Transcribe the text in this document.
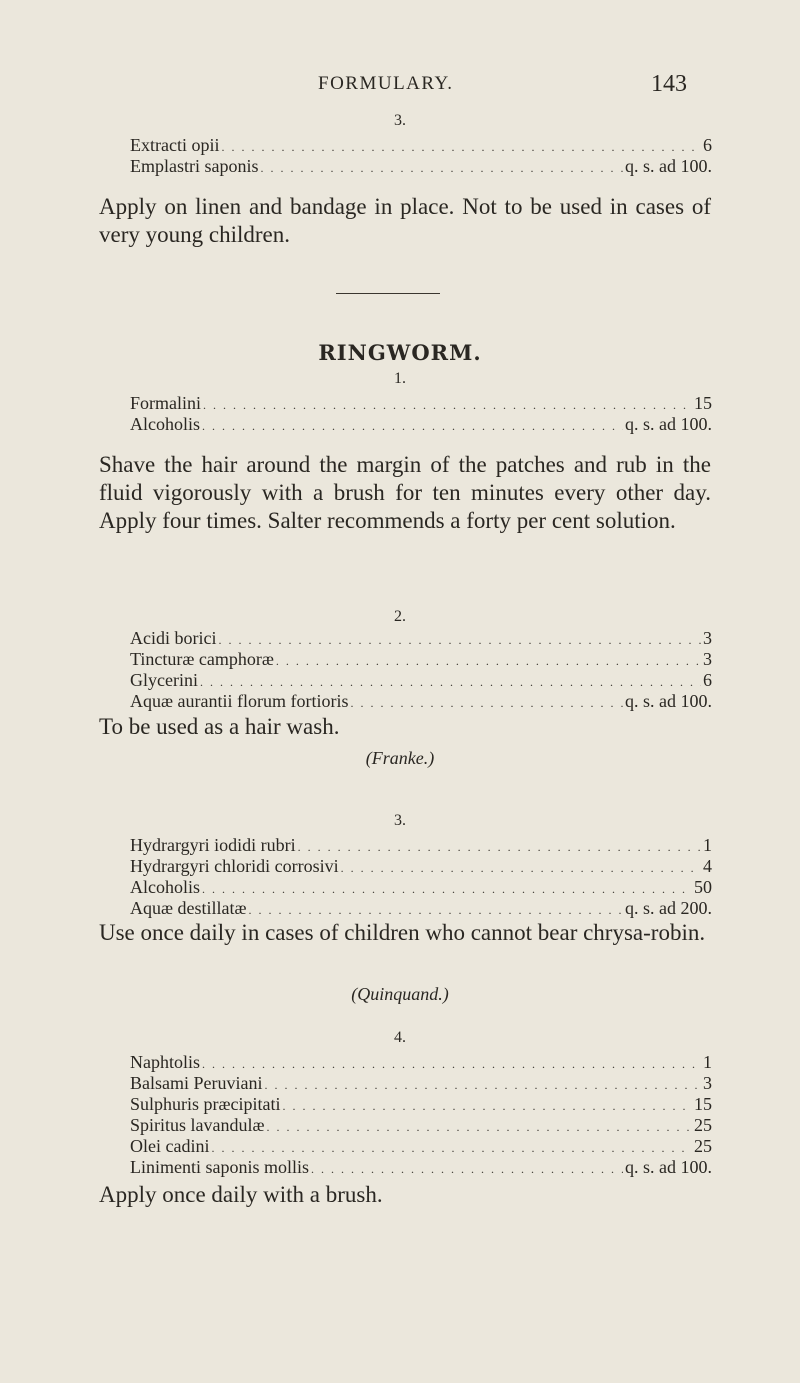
FORMULARY.	143
3.
Extracti opii . . .	6
Emplastri saponis . . .	q. s. ad 100.
Apply on linen and bandage in place. Not to be used in cases of very young children.
RINGWORM.
1.
Formalini . . .	15
Alcoholis . . .	q. s. ad 100.
Shave the hair around the margin of the patches and rub in the fluid vigorously with a brush for ten minutes every other day. Apply four times. Salter recommends a forty per cent solution.
2.
Acidi borici . . .	3
Tincturæ camphoræ . . .	3
Glycerini . . .	6
Aquæ aurantii florum fortioris . . .	q. s. ad 100.
To be used as a hair wash.
(Franke.)
3.
Hydrargyri iodidi rubri . . .	1
Hydrargyri chloridi corrosivi . . .	4
Alcoholis . . .	50
Aquæ destillatæ . . .	q. s. ad 200.
Use once daily in cases of children who cannot bear chrysa-robin.
(Quinquand.)
4.
Naphtolis . . .	1
Balsami Peruviani . . .	3
Sulphuris præcipitati . . .	15
Spiritus lavandulæ . . .	25
Olei cadini . . .	25
Linimenti saponis mollis . . .	q. s. ad 100.
Apply once daily with a brush.
